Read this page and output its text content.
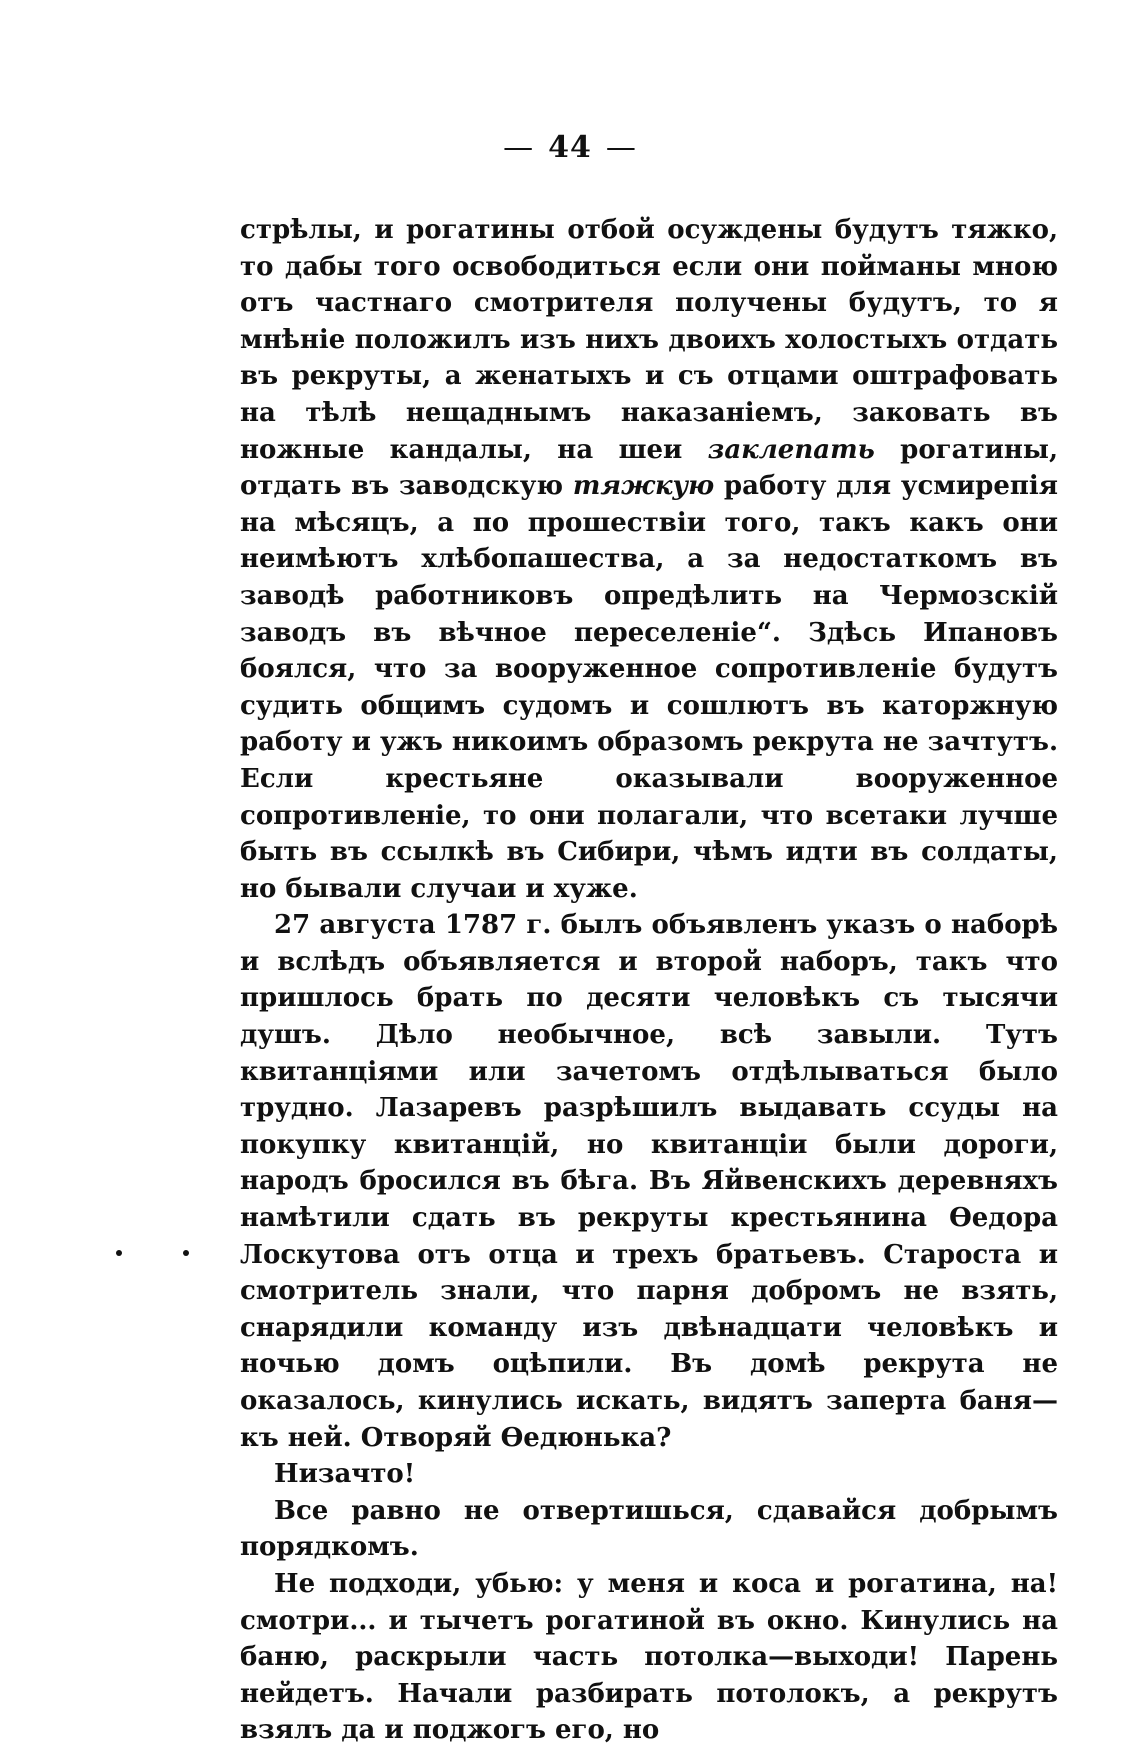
— 44 —

стрѣлы, и рогатины отбой осуждены будутъ тяжко, то дабы того освободиться если они пойманы мною отъ частнаго смотрителя получены будутъ, то я мнѣніе положилъ изъ нихъ двоихъ холостыхъ отдать въ рекруты, а женатыхъ и съ отцами оштрафовать на тѣлѣ нещаднымъ наказаніемъ, заковать въ ножные кандалы, на шеи заклепать рогатины, отдать въ заводскую тяжкую работу для усмирепія на мѣсяцъ, а по прошествіи того, такъ какъ они неимѣютъ хлѣбопашества, а за недостаткомъ въ заводѣ работниковъ опредѣлить на Чермозскій заводъ въ вѣчное переселеніе“. Здѣсь Ипановъ боялся, что за вооруженное сопротивленіе будутъ судить общимъ судомъ и сошлютъ въ каторжную работу и ужъ никоимъ образомъ рекрута не зачтутъ. Если крестьяне оказывали вооруженное сопротивленіе, то они полагали, что всетаки лучше быть въ ссылкѣ въ Сибири, чѣмъ идти въ солдаты, но бывали случаи и хуже.

27 августа 1787 г. былъ объявленъ указъ о наборѣ и вслѣдъ объявляется и второй наборъ, такъ что пришлось брать по десяти человѣкъ съ тысячи душъ. Дѣло необычное, всѣ завыли. Тутъ квитанціями или зачетомъ отдѣлываться было трудно. Лазаревъ разрѣшилъ выдавать ссуды на покупку квитанцій, но квитанціи были дороги, народъ бросился въ бѣга. Въ Яйвенскихъ деревняхъ намѣтили сдать въ рекруты крестьянина Ѳедора Лоскутова отъ отца и трехъ братьевъ. Староста и смотритель знали, что парня добромъ не взять, снарядили команду изъ двѣнадцати человѣкъ и ночью домъ оцѣпили. Въ домѣ рекрута не оказалось, кинулись искать, видятъ заперта баня—къ ней. Отворяй Ѳедюнька?

Низачто!

Все равно не отвертишься, сдавайся добрымъ порядкомъ.

Не подходи, убью: у меня и коса и рогатина, на! смотри... и тычетъ рогатиной въ окно. Кинулись на баню, раскрыли часть потолка—выходи! Парень нейдетъ. Начали разбирать потолокъ, а рекрутъ взялъ да и поджогъ его, но
